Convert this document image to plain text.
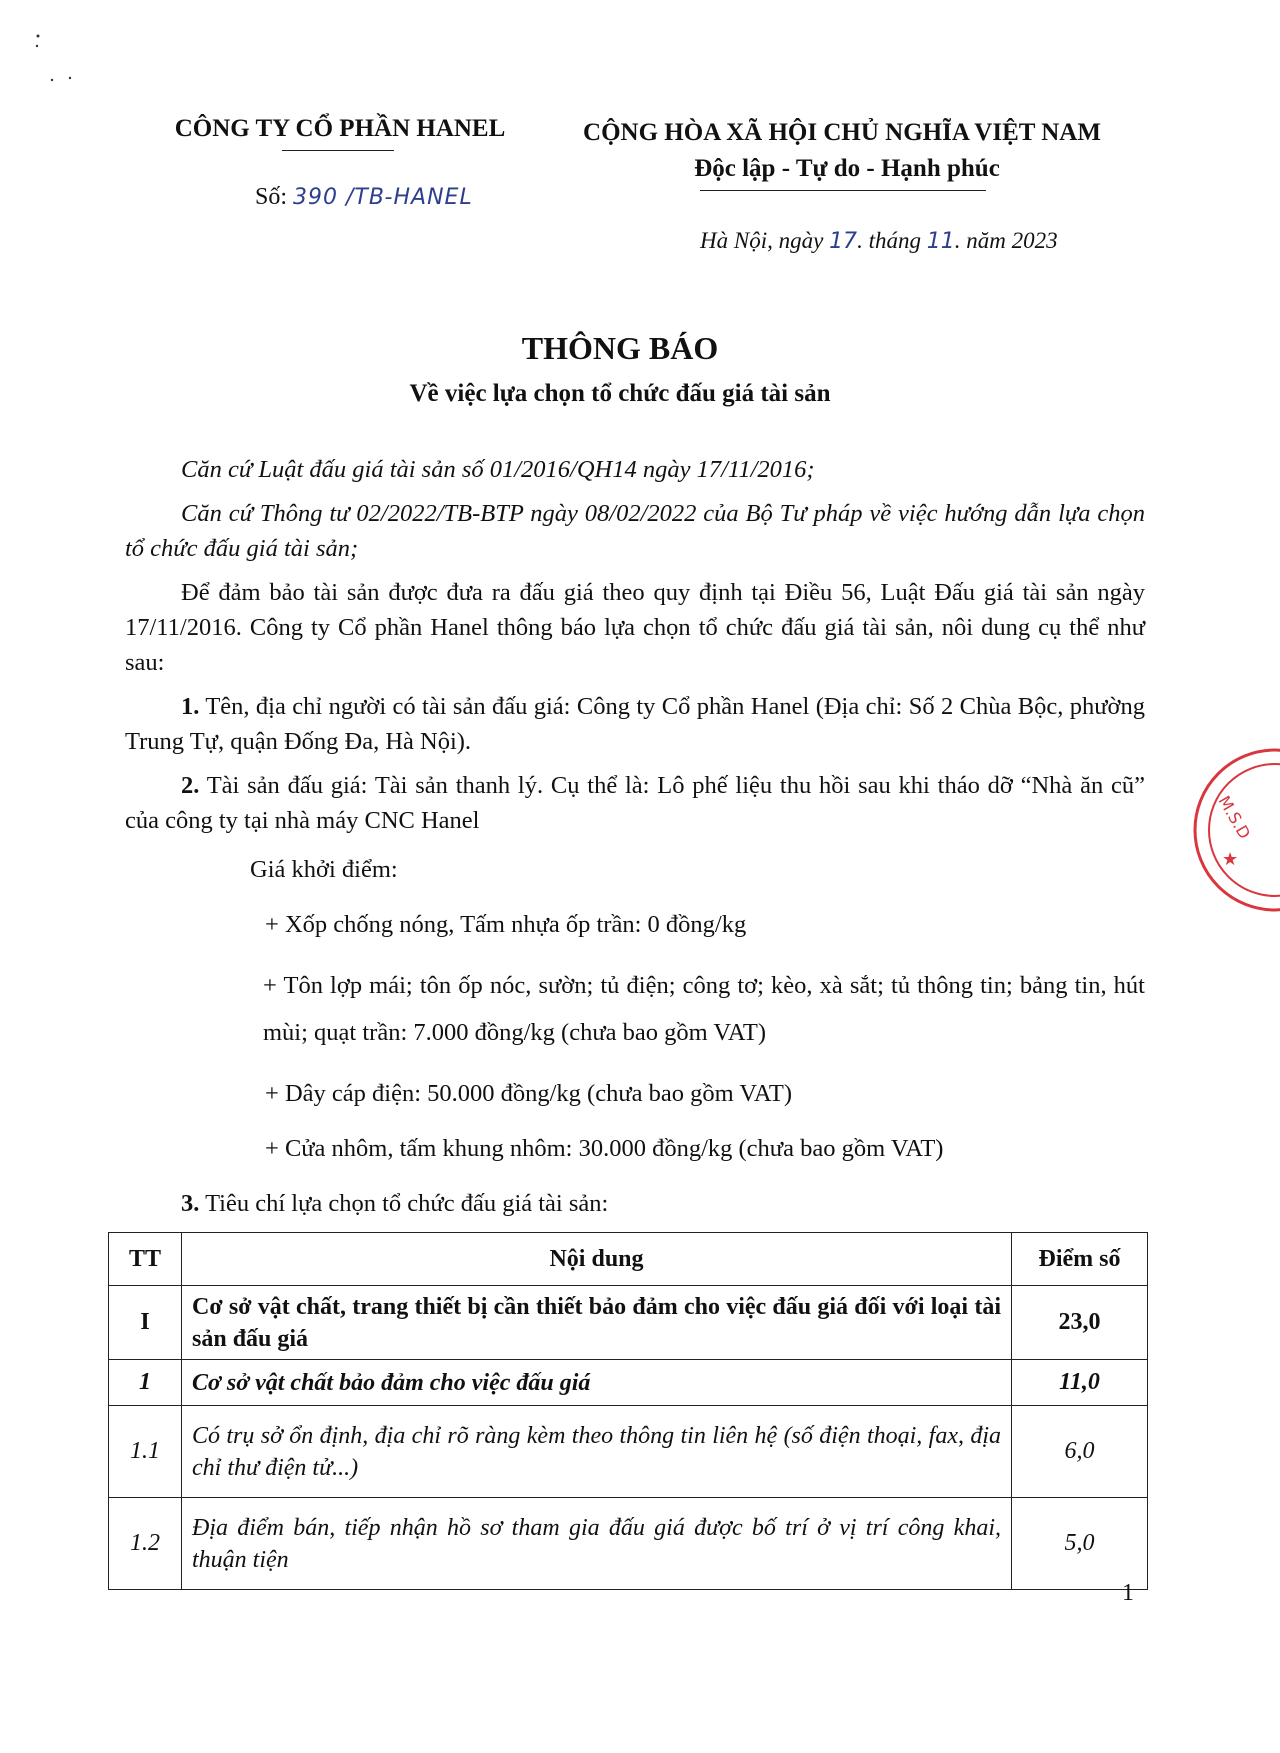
CÔNG TY CỔ PHẦN HANEL
Số: 390 /TB-HANEL
CỘNG HÒA XÃ HỘI CHỦ NGHĨA VIỆT NAM
Độc lập - Tự do - Hạnh phúc
Hà Nội, ngày 17. tháng 11. năm 2023
THÔNG BÁO
Về việc lựa chọn tổ chức đấu giá tài sản
Căn cứ Luật đấu giá tài sản số 01/2016/QH14 ngày 17/11/2016;
Căn cứ Thông tư 02/2022/TB-BTP ngày 08/02/2022 của Bộ Tư pháp về việc hướng dẫn lựa chọn tổ chức đấu giá tài sản;
Để đảm bảo tài sản được đưa ra đấu giá theo quy định tại Điều 56, Luật Đấu giá tài sản ngày 17/11/2016. Công ty Cổ phần Hanel thông báo lựa chọn tổ chức đấu giá tài sản, nôi dung cụ thể như sau:
1. Tên, địa chỉ người có tài sản đấu giá: Công ty Cổ phần Hanel (Địa chỉ: Số 2 Chùa Bộc, phường Trung Tự, quận Đống Đa, Hà Nội).
2. Tài sản đấu giá: Tài sản thanh lý. Cụ thể là: Lô phế liệu thu hồi sau khi tháo dỡ “Nhà ăn cũ” của công ty tại nhà máy CNC Hanel
Giá khởi điểm:
+ Xốp chống nóng, Tấm nhựa ốp trần: 0 đồng/kg
+ Tôn lợp mái; tôn ốp nóc, sườn; tủ điện; công tơ; kèo, xà sắt; tủ thông tin; bảng tin, hút mùi; quạt trần: 7.000 đồng/kg (chưa bao gồm VAT)
+ Dây cáp điện: 50.000 đồng/kg (chưa bao gồm VAT)
+ Cửa nhôm, tấm khung nhôm: 30.000 đồng/kg (chưa bao gồm VAT)
3. Tiêu chí lựa chọn tổ chức đấu giá tài sản:
TT	Nội dung	Điểm số
I	Cơ sở vật chất, trang thiết bị cần thiết bảo đảm cho việc đấu giá đối với loại tài sản đấu giá	23,0
1	Cơ sở vật chất bảo đảm cho việc đấu giá	11,0
1.1	Có trụ sở ổn định, địa chỉ rõ ràng kèm theo thông tin liên hệ (số điện thoại, fax, địa chỉ thư điện tử...)	6,0
1.2	Địa điểm bán, tiếp nhận hồ sơ tham gia đấu giá được bố trí ở vị trí công khai, thuận tiện	5,0
1
M.S.D
★
